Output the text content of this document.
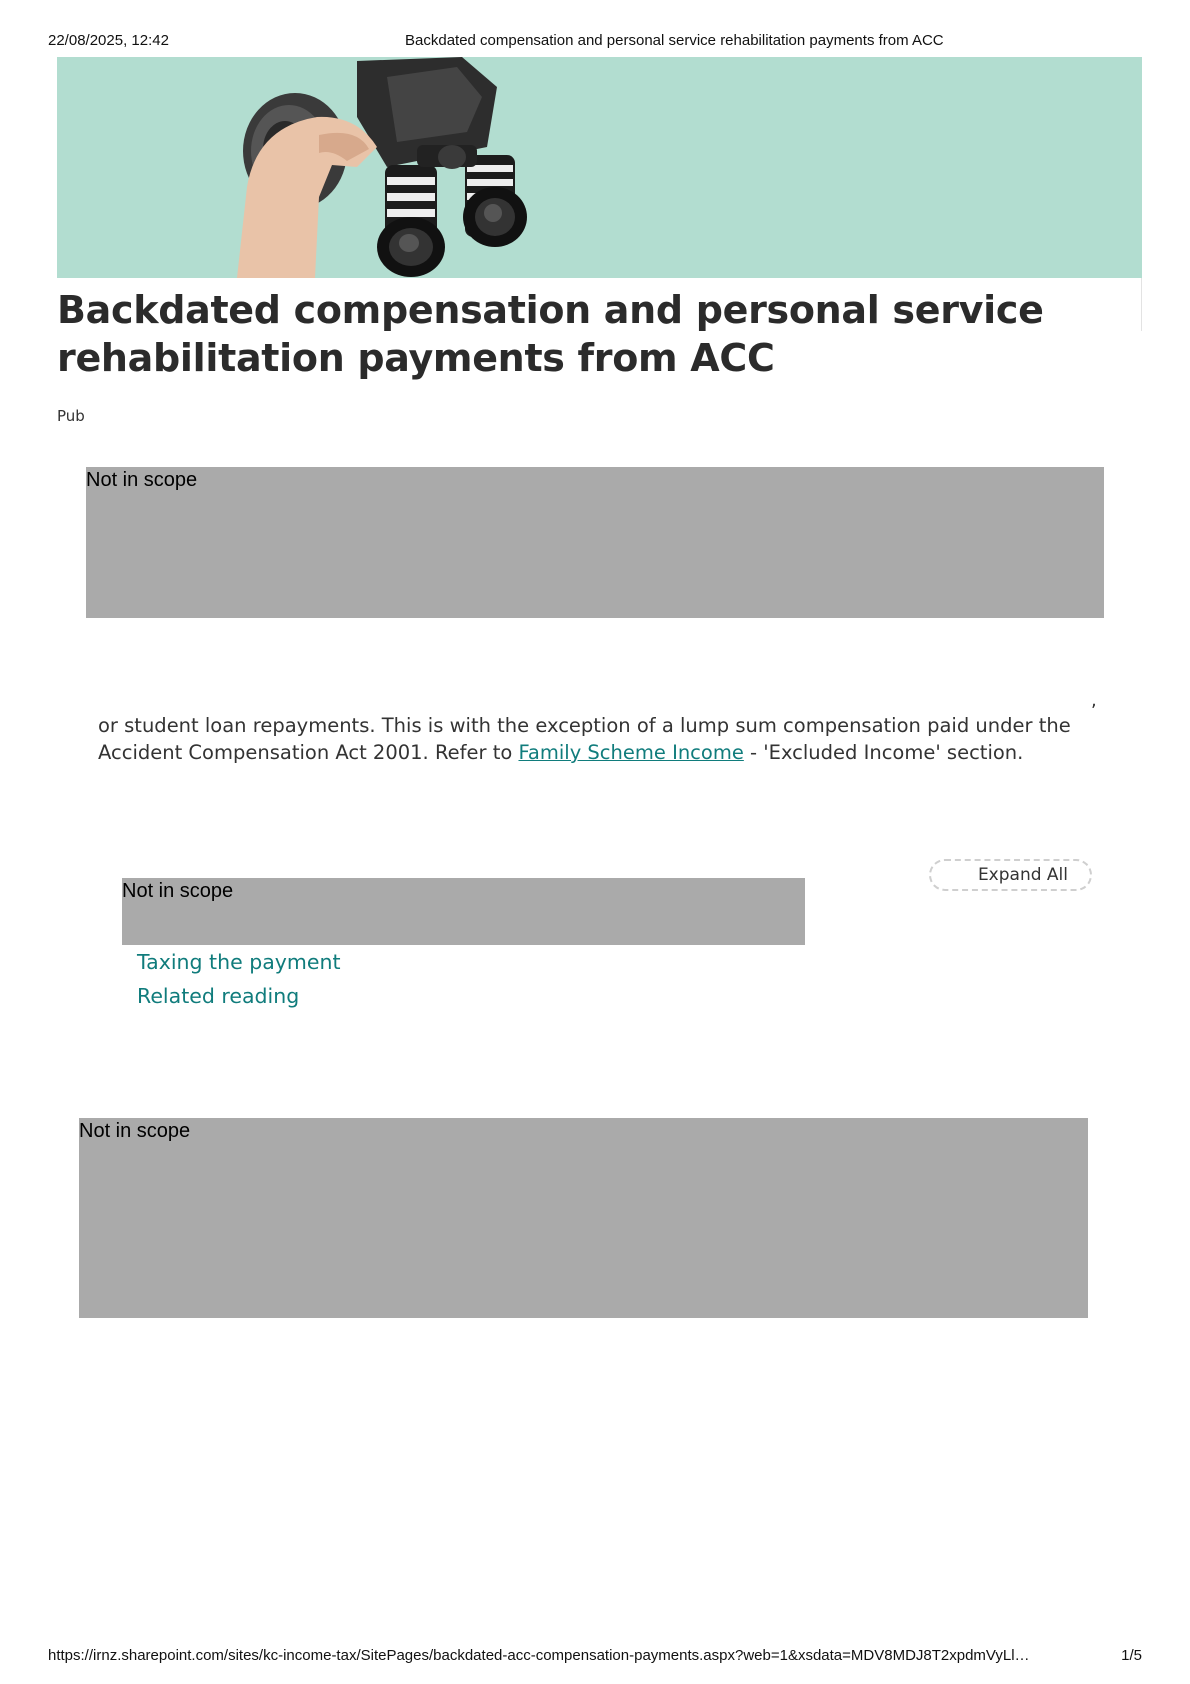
22/08/2025, 12:42	Backdated compensation and personal service rehabilitation payments from ACC
Backdated compensation and personal service rehabilitation payments from ACC
Pub
Not in scope
,

or student loan repayments. This is with the exception of a lump sum compensation paid under the Accident Compensation Act 2001. Refer to Family Scheme Income - 'Excluded Income' section.

Expand All
Not in scope
Taxing the payment
Related reading
Not in scope
https://irnz.sharepoint.com/sites/kc-income-tax/SitePages/backdated-acc-compensation-payments.aspx?web=1&xsdata=MDV8MDJ8T2xpdmVyLl…	1/5
